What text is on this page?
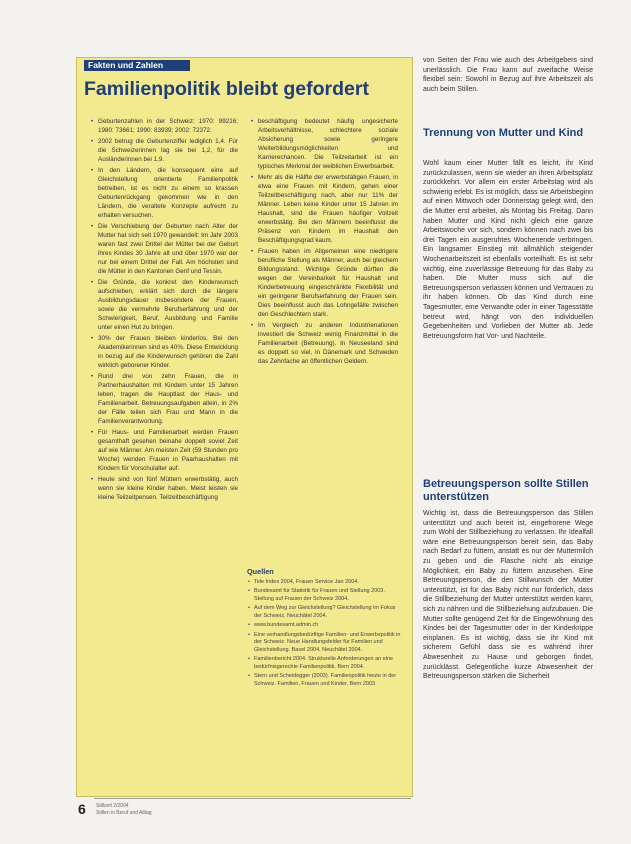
Fakten und Zahlen
Familienpolitik bleibt gefordert
• Geburtenzahlen in der Schweiz: 1970: 99216; 1980: 73661; 1990: 83939; 2002: 72372.
• 2002 betrug die Geburtenziffer lediglich 1,4. Für die Schweizerinnen lag sie bei 1,2, für die Ausländerinnen bei 1,9.
• In den Ländern, die konsequent eine auf Gleichstellung orientierte Familienpolitik betreiben, ist es nicht zu einem so krassen Geburtenrückgang gekommen wie in den Ländern, die veraltete Konzepte aufrecht zu erhalten versuchen.
• Die Verschiebung der Geburten nach Alter der Mutter hat sich seit 1970 gewandelt: Im Jahr 2003 waren fast zwei Drittel der Mütter bei der Geburt ihres Kindes 30 Jahre alt und über 1970 war der nur bei einem Drittel der Fall. Am höchsten sind die Mütter in den Kantonen Genf und Tessin.
• Die Gründe, die konkret den Kinderwunsch aufschieben, erklärt sich durch die längere Ausbildungsdauer insbesondere der Frauen, sowie die vermehrte Berufserfahrung und der Schwierigkeit, Beruf, Ausbildung und Familie unter einen Hut zu bringen.
• 30% der Frauen bleiben kinderlos. Bei den Akademikerinnen sind es 40%. Diese Entwicklung in bezug auf die Kinderwunsch gehören die Zahl wirklich geborener Kinder.
• Rund drei von zehn Frauen, die in Partnerhaushalten mit Kindern unter 15 Jahren leben, tragen die Hauptlast der Haus- und Familienarbeit. Betreuungsaufgaben allein, in 2% der Fälle teilen sich Frau und Mann in die Familienverantwortung.
• Für Haus- und Familienarbeit werden Frauen gesamthaft gesehen beinahe doppelt soviel Zeit auf wie Männer. Am meisten Zeit (59 Stunden pro Woche) wenden Frauen in Paarhaushalten mit Kindern für Vorschulalter auf.
• Heute sind von fünf Müttern erwerbstätig, auch wenn sie kleine Kinder haben. Meist leisten sie kleine Teilzeitpensen. Teilzeitbeschäftigung
• beschäftigung bedeutet häufig ungesicherte Arbeitsverhältnisse, schlechtere soziale Absicherung sowie geringere Weiterbildungsmöglichkeiten und Karrierechancen. Die Teilzeitarbeit ist ein typisches Merkmal der weiblichen Erwerbsarbeit.
• Mehr als die Hälfte der erwerbstätigen Frauen, in etwa eine Frauen mit Kindern, gehen einer Teilzeitbeschäftigung nach, aber nur 11% der Männer. Leben keine Kinder unter 15 Jahren im Haushalt, sind die Frauen häufiger Vollzeit erwerbstätig. Bei den Männern beeinflusst die Präsenz von Kindern im Haushalt den Beschäftigungsgrad kaum.
• Frauen haben im Allgemeinen eine niedrigere berufliche Stellung als Männer, auch bei gleichem Bildungsstand. Wichtige Gründe dürften die wegen der Vereinbarkeit für Haushalt und Kinderbetreuung eingeschränkte Flexibilität und ein geringerer Berufserfahrung der Frauen sein. Dies beeinflusst auch das Lohngefälle zwischen den Geschlechtern stark.
• Im Vergleich zu anderen Industrienationen investiert die Schweiz wenig Finanzmittel in die Familienarbeit (Betreuung). In Neuseeland sind es doppelt so viel, in Dänemark und Schweden das Zehnfache an öffentlichen Geldern.
Quellen
• Tele Index 2004, Frauen Service Jan 2004.
• Bundesamt für Statistik für Frauen und Stellung 2003. Stellung auf Frauen der Schweiz 2004.
• Auf dem Weg zur Gleichstellung? Gleichstellung im Fokus der Schweiz, Neuchâtel 2004.
• www.bundesamt.admin.ch
• Eine verhandlungsbedürftige Familien- und Erwerbspolitik in der Schweiz. Neue Handlungsfelder für Familien und Gleichstellung. Basel 2004, Neuchâtel 2004.
• Familienbericht 2004. Strukturelle Anforderungen an eine bedürfnisgerechte Familienpolitik. Bern 2004.
• Stern und Scheidegger (2003). Familienpolitik heute in der Schweiz. Familien, Frauen und Kinder. Bern 2003.

von Seiten der Frau wie auch des Arbeitgebers sind unerlässlich. Die Frau kann auf zweifache Weise flexibel sein: Sowohl in Bezug auf ihre Arbeitszeit als auch beim Stillen.

Trennung von Mutter und Kind

Wohl kaum einer Mutter fällt es leicht, ihr Kind zurückzulassen, wenn sie wieder an ihren Arbeitsplatz zurückkehrt. Vor allem ein erster Arbeitstag wird als schwierig erlebt. Es ist möglich, dass sie Arbeitsbeginn auf einen Mittwoch oder Donnerstag gelegt wird, den die Mutter erst arbeitet, als Montag bis Freitag. Dann haben Mutter und Kind nicht gleich eine ganze Arbeitswoche vor sich, sondern können nach zwei bis drei Tagen ein ausgeruhtes Wochenende verbringen. Ein langsamer Einstieg mit allmählich steigender Wochenarbeitszeit ist ebenfalls vorteilhaft. Es ist sehr wichtig, eine zuverlässige Betreuung für das Baby zu haben. Die Mutter muss sich auf die Betreuungsperson verlassen können und Vertrauen zu ihr haben können. Ob das Kind durch eine Tagesmutter, eine Verwandte oder in einer Tagesstätte betreut wird, hängt von den individuellen Gegebenheiten und Vorlieben der Mutter ab. Jede Betreuungsform hat Vor- und Nachteile.

Betreuungsperson sollte Stillen unterstützen

Wichtig ist, dass die Betreuungsperson das Stillen unterstützt und auch bereit ist, eingefrorene Wege zum Wohl der Stillbeziehung zu verlassen. Ihr Idealfall wäre eine Betreuungsperson bereit sein, das Baby nach Bedarf zu füttern, anstatt es nur der Muttermilch zu geben und die Flasche nicht als einzige Möglichkeit, ein Baby zu füttern anzusehen. Eine Betreuungsperson, die den Stillwunsch der Mutter unterstützt, ist für das Baby nicht nur förderlich, dass die Stillbeziehung der Mutter unterstützt werden kann, sich zu nähren und die Stillbeziehung aufzubauen. Die Mutter sollte genügend Zeit für die Eingewöhnung des Kindes bei der Tagesmutter oder in der Kinderkrippe einplanen. Es ist wichtig, dass sie ihr Kind mit sicherem Gefühl dass sie es während ihrer Abwesenheit zu Hause und geborgen findet, zurücklässt. Gelegentliche kurze Abwesenheit der Betreuungsperson stärken die Sicherheit

6 Stillzeit 2/2004
Stillen in Beruf und Alltag
